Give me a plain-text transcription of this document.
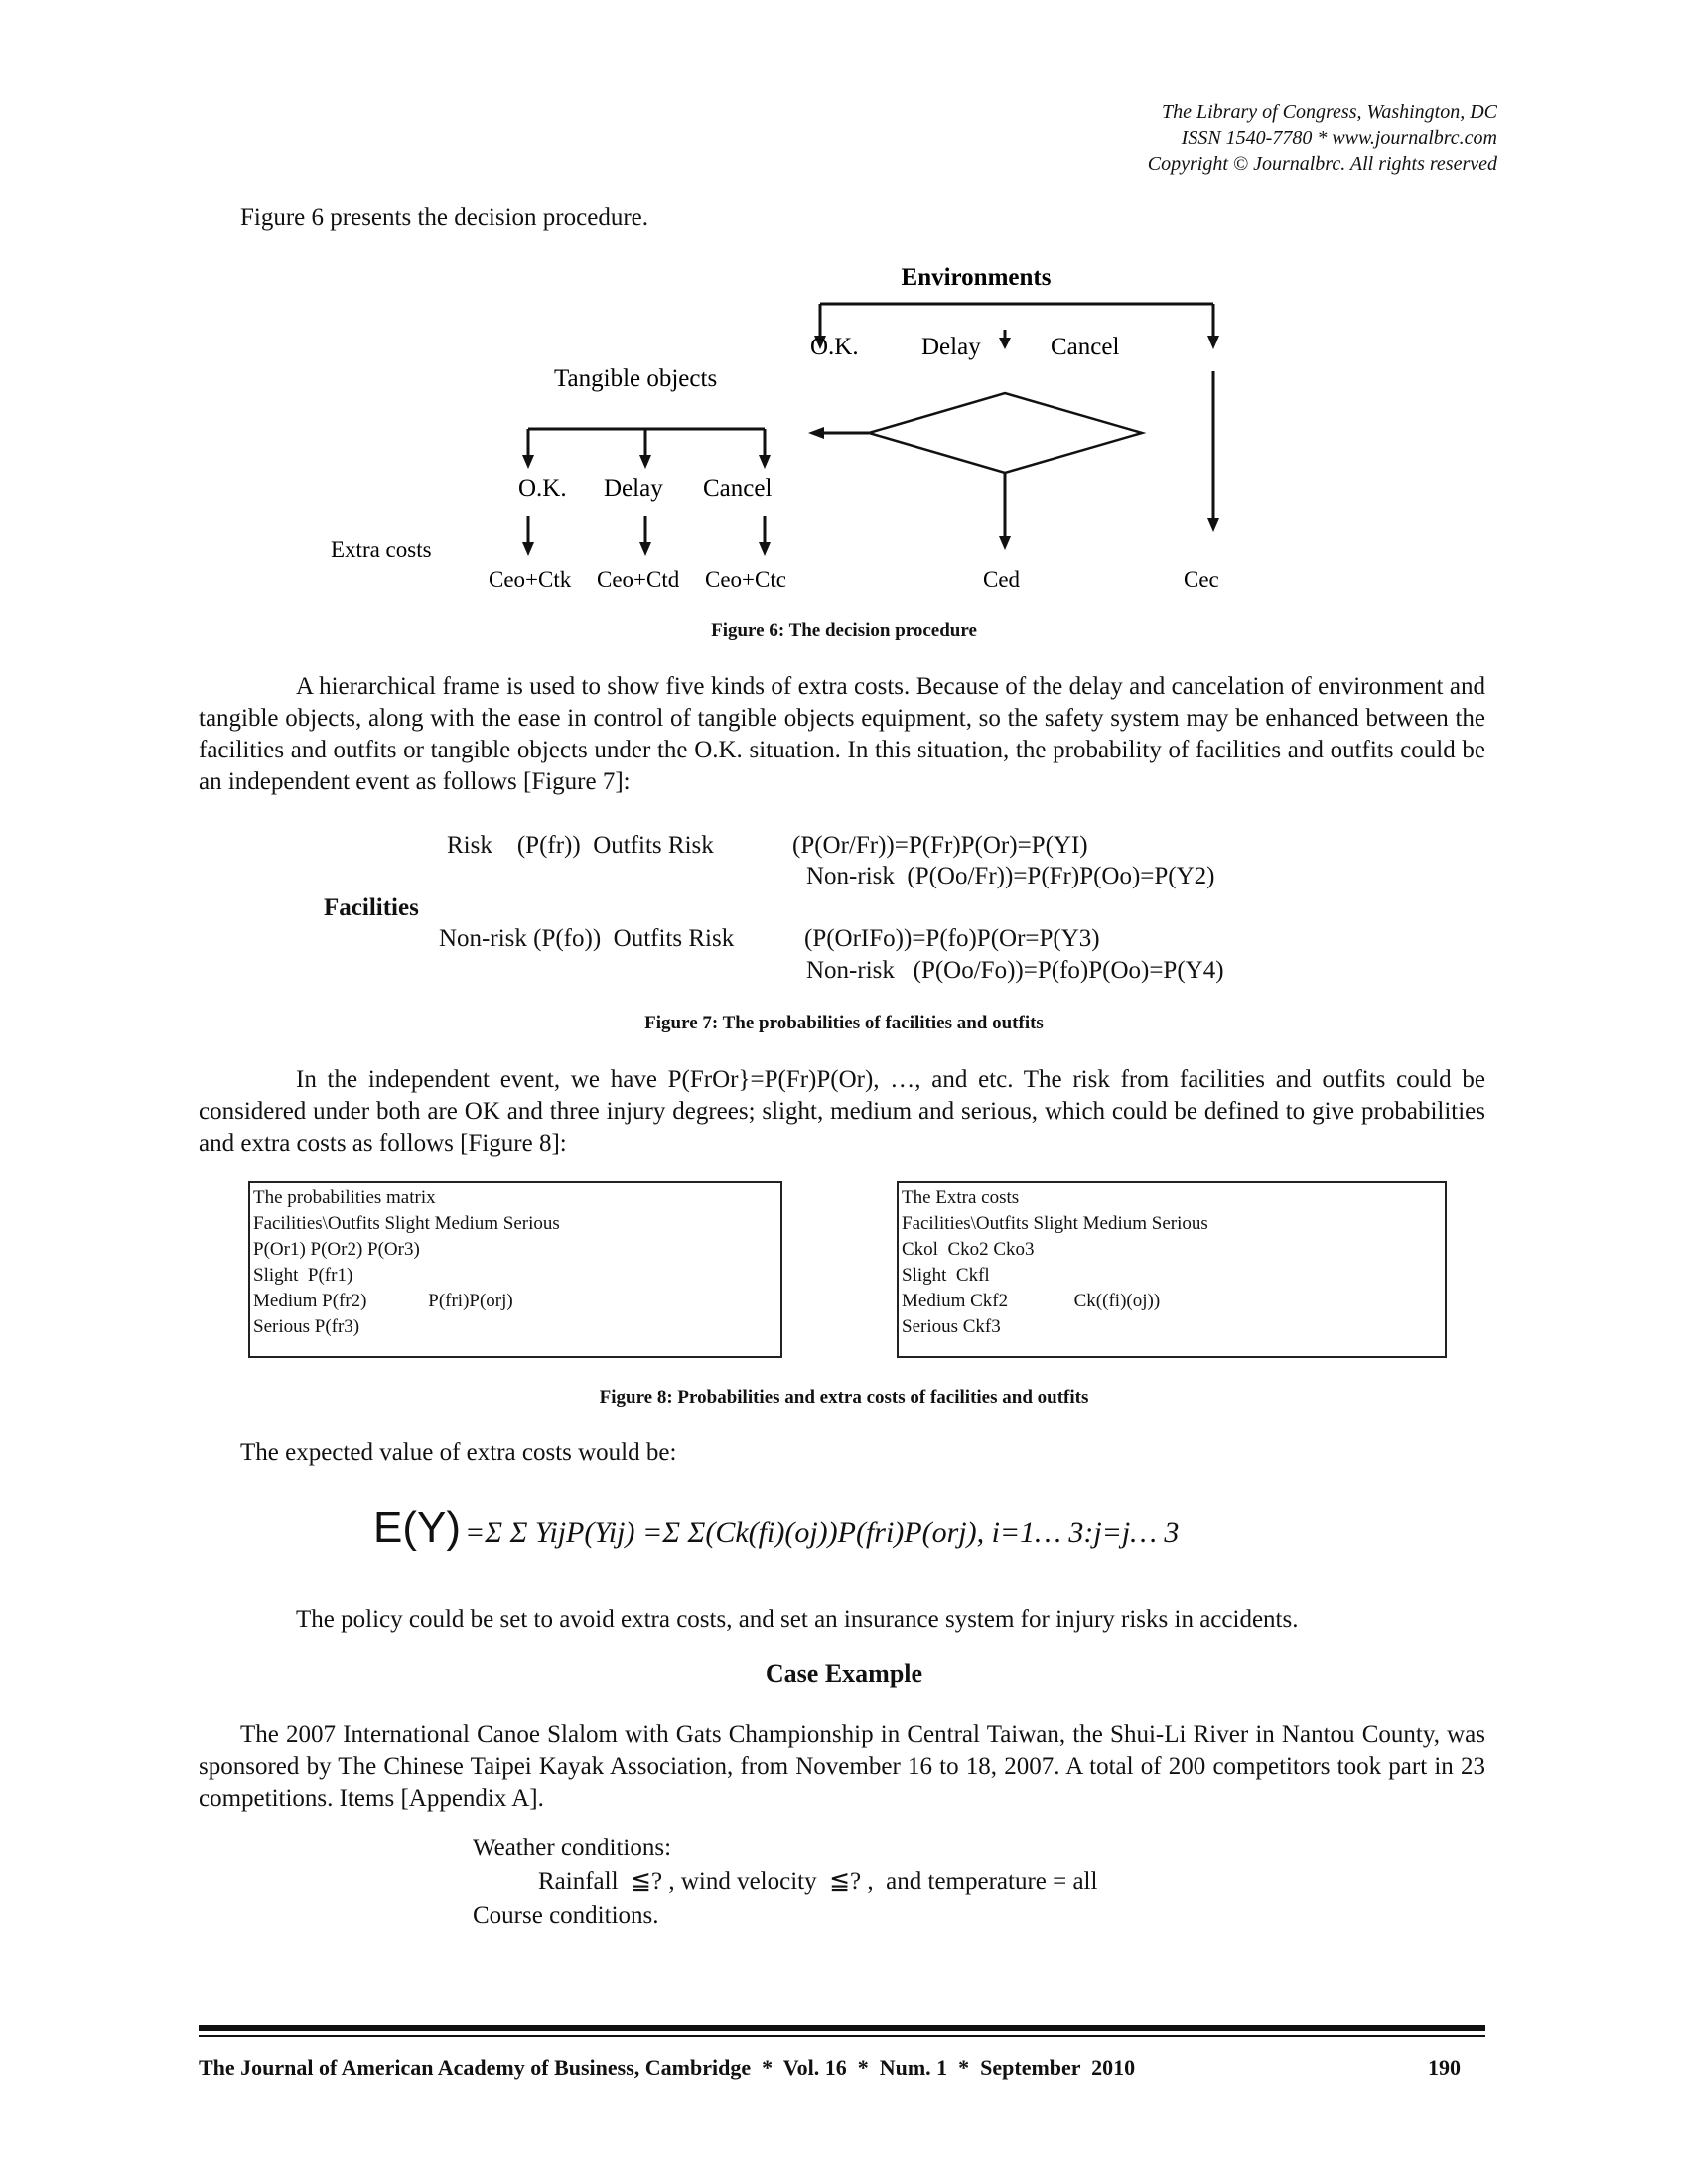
The Library of Congress, Washington, DC
ISSN 1540-7780 * www.journalbrc.com
Copyright © Journalbrc. All rights reserved
Figure 6 presents the decision procedure.
Environments
O.K.	Delay	Cancel
Tangible objects
O.K. Delay Cancel
Extra costs
Ceo+Ctk Ceo+Ctd Ceo+Ctc	Ced	Cec
Figure 6: The decision procedure
A hierarchical frame is used to show five kinds of extra costs. Because of the delay and cancelation of environment and tangible objects, along with the ease in control of tangible objects equipment, so the safety system may be enhanced between the facilities and outfits or tangible objects under the O.K. situation. In this situation, the probability of facilities and outfits could be an independent event as follows [Figure 7]:
Risk    (P(fr))  Outfits Risk	(P(Or/Fr))=P(Fr)P(Or)=P(YI)
Non-risk  (P(Oo/Fr))=P(Fr)P(Oo)=P(Y2)
Facilities
Non-risk (P(fo))  Outfits Risk	(P(OrIFo))=P(fo)P(Or=P(Y3)
Non-risk   (P(Oo/Fo))=P(fo)P(Oo)=P(Y4)
Figure 7: The probabilities of facilities and outfits
In the independent event, we have P(FrOr}=P(Fr)P(Or), …, and etc. The risk from facilities and outfits could be considered under both are OK and three injury degrees; slight, medium and serious, which could be defined to give probabilities and extra costs as follows [Figure 8]:
The probabilities matrix
Facilities\Outfits Slight Medium Serious
P(Or1) P(Or2) P(Or3)
Slight  P(fr1)
Medium P(fr2)             P(fri)P(orj)
Serious P(fr3)
The Extra costs
Facilities\Outfits Slight Medium Serious
Ckol  Cko2 Cko3
Slight  Ckfl
Medium Ckf2              Ck((fi)(oj))
Serious Ckf3
Figure 8: Probabilities and extra costs of facilities and outfits
The expected value of extra costs would be:
E(Y) =Σ Σ YijP(Yij) =Σ Σ(Ck(fi)(oj))P(fri)P(orj), i=1… 3:j=j… 3
The policy could be set to avoid extra costs, and set an insurance system for injury risks in accidents.
Case Example
The 2007 International Canoe Slalom with Gats Championship in Central Taiwan, the Shui-Li River in Nantou County, was sponsored by The Chinese Taipei Kayak Association, from November 16 to 18, 2007. A total of 200 competitors took part in 23 competitions. Items [Appendix A].
Weather conditions:
Rainfall  ≦? , wind velocity  ≦? ,  and temperature = all
Course conditions.
The Journal of American Academy of Business, Cambridge  *  Vol. 16  *  Num. 1  *  September  2010	190
